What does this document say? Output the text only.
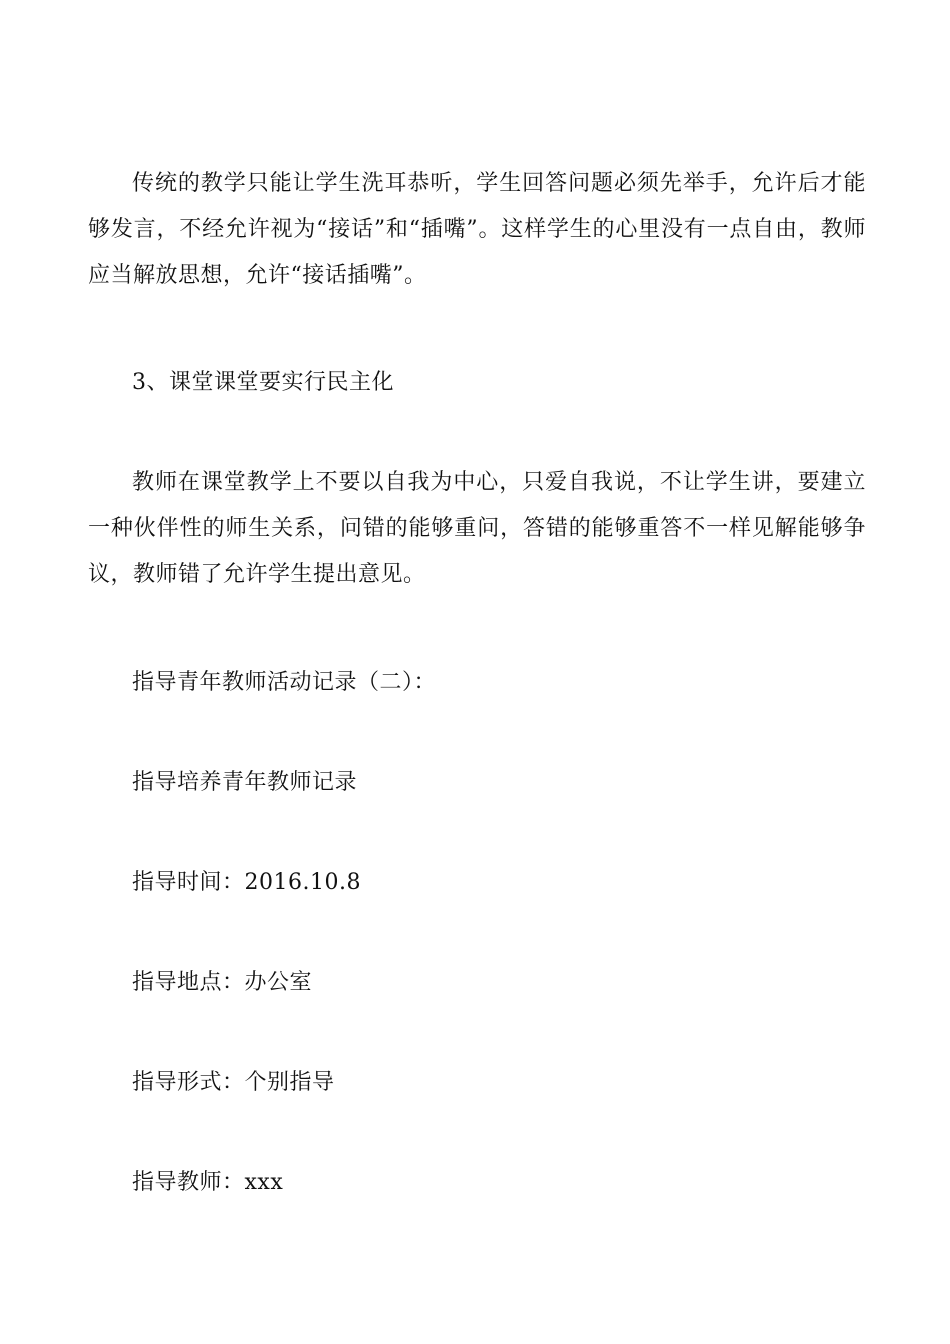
传统的教学只能让学生洗耳恭听，学生回答问题必须先举手，允许后才能够发言，不经允许视为“接话”和“插嘴”。这样学生的心里没有一点自由，教师应当解放思想，允许“接话插嘴”。

3、课堂课堂要实行民主化

教师在课堂教学上不要以自我为中心，只爱自我说，不让学生讲，要建立一种伙伴性的师生关系，问错的能够重问，答错的能够重答不一样见解能够争议，教师错了允许学生提出意见。

指导青年教师活动记录（二）：

指导培养青年教师记录

指导时间：2016.10.8

指导地点：办公室

指导形式：个别指导

指导教师：xxx
